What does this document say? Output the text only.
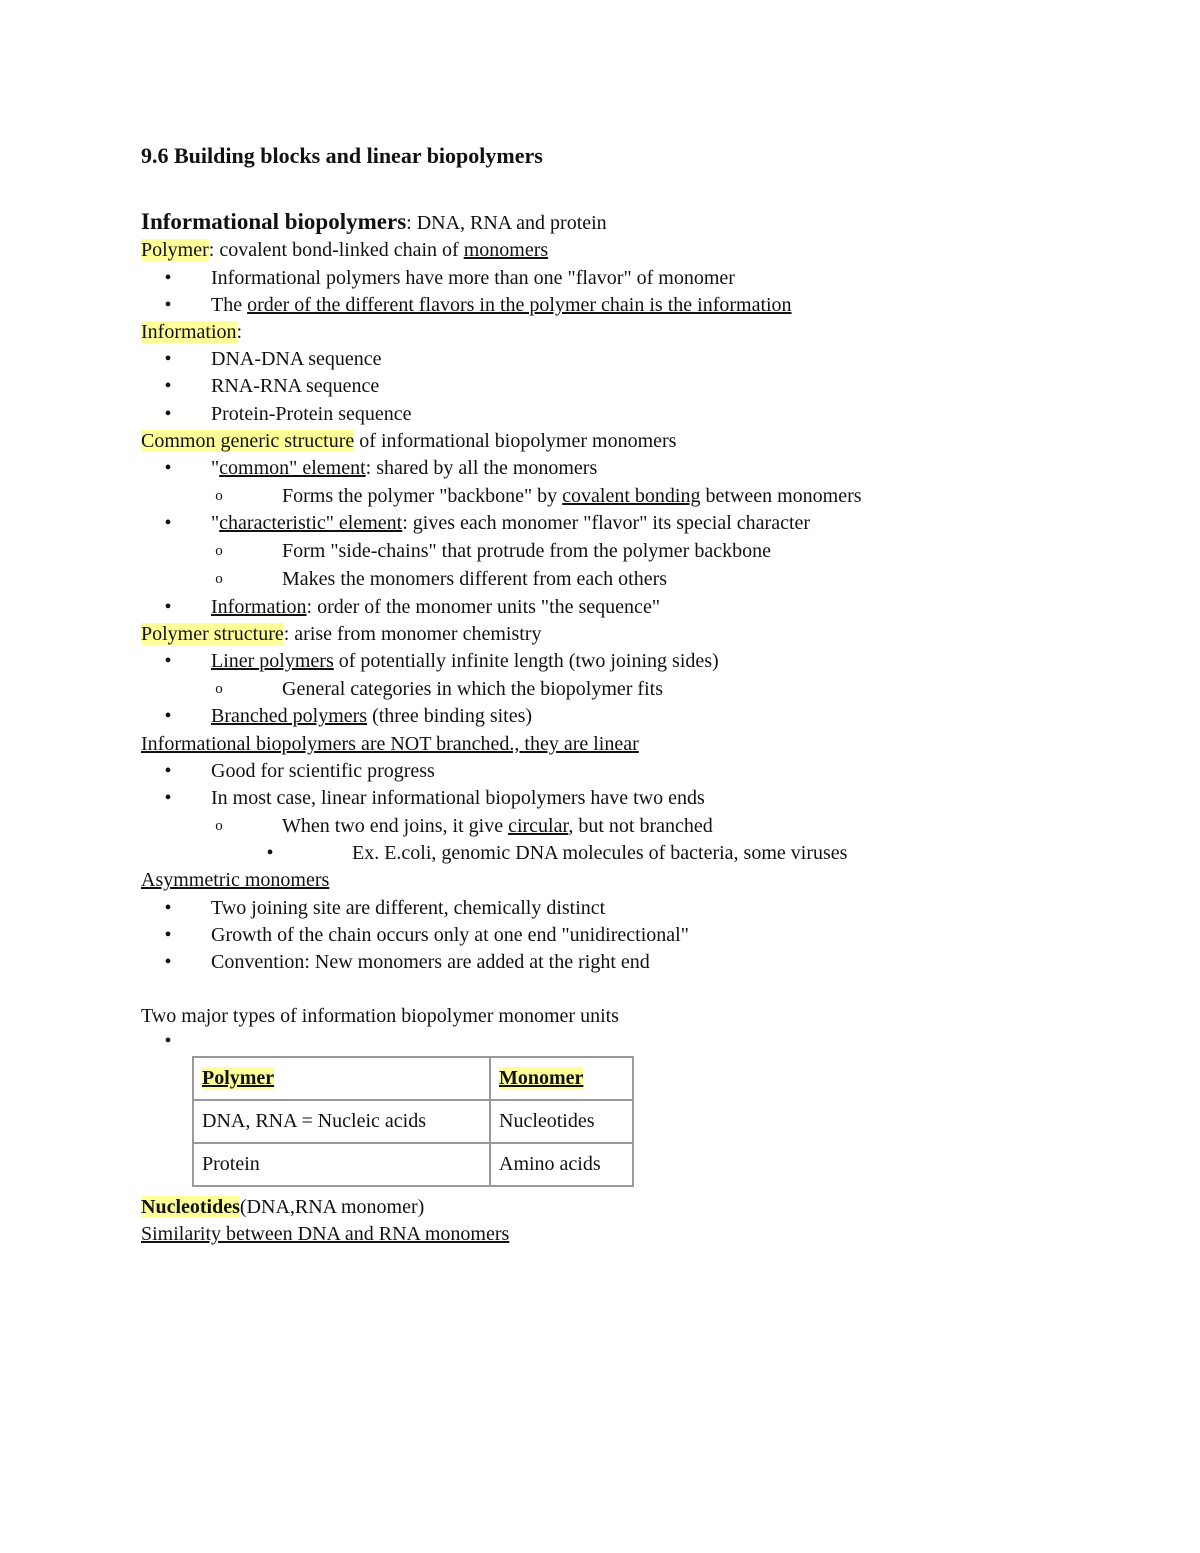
9.6 Building blocks and linear biopolymers
Informational biopolymers: DNA, RNA and protein
Polymer: covalent bond-linked chain of monomers
•	Informational polymers have more than one "flavor" of monomer
•	The order of the different flavors in the polymer chain is the information
Information:
•	DNA-DNA sequence
•	RNA-RNA sequence
•	Protein-Protein sequence
Common generic structure of informational biopolymer monomers
•	"common" element: shared by all the monomers
o	Forms the polymer "backbone" by covalent bonding between monomers
•	"characteristic" element: gives each monomer "flavor" its special character
o	Form "side-chains" that protrude from the polymer backbone
o	Makes the monomers different from each others
•	Information: order of the monomer units "the sequence"
Polymer structure: arise from monomer chemistry
•	Liner polymers of potentially infinite length (two joining sides)
o	General categories in which the biopolymer fits
•	Branched polymers (three binding sites)
Informational biopolymers are NOT branched., they are linear
•	Good for scientific progress
•	In most case, linear informational biopolymers have two ends
o	When two end joins, it give circular, but not branched
•	Ex. E.coli, genomic DNA molecules of bacteria, some viruses
Asymmetric monomers
•	Two joining site are different, chemically distinct
•	Growth of the chain occurs only at one end "unidirectional"
•	Convention: New monomers are added at the right end
Two major types of information biopolymer monomer units
•
Polymer	Monomer
DNA, RNA = Nucleic acids	Nucleotides
Protein	Amino acids
Nucleotides(DNA,RNA monomer)
Similarity between DNA and RNA monomers
